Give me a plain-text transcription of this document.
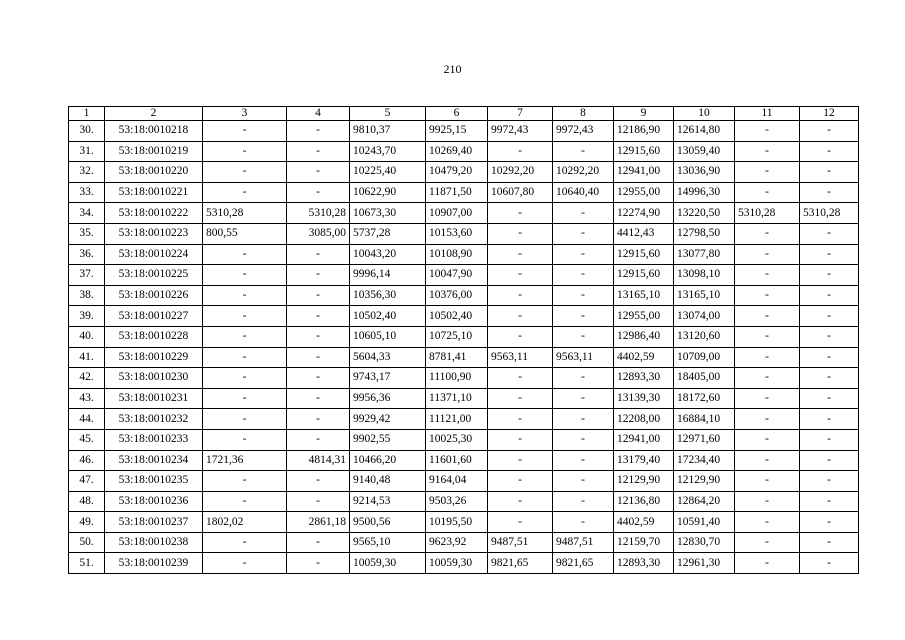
210
1	2	3	4	5	6	7	8	9	10	11	12
30.	53:18:0010218	-	-	9810,37	9925,15	9972,43	9972,43	12186,90	12614,80	-	-
31.	53:18:0010219	-	-	10243,70	10269,40	-	-	12915,60	13059,40	-	-
32.	53:18:0010220	-	-	10225,40	10479,20	10292,20	10292,20	12941,00	13036,90	-	-
33.	53:18:0010221	-	-	10622,90	11871,50	10607,80	10640,40	12955,00	14996,30	-	-
34.	53:18:0010222	5310,28	5310,28	10673,30	10907,00	-	-	12274,90	13220,50	5310,28	5310,28
35.	53:18:0010223	800,55	3085,00	5737,28	10153,60	-	-	4412,43	12798,50	-	-
36.	53:18:0010224	-	-	10043,20	10108,90	-	-	12915,60	13077,80	-	-
37.	53:18:0010225	-	-	9996,14	10047,90	-	-	12915,60	13098,10	-	-
38.	53:18:0010226	-	-	10356,30	10376,00	-	-	13165,10	13165,10	-	-
39.	53:18:0010227	-	-	10502,40	10502,40	-	-	12955,00	13074,00	-	-
40.	53:18:0010228	-	-	10605,10	10725,10	-	-	12986,40	13120,60	-	-
41.	53:18:0010229	-	-	5604,33	8781,41	9563,11	9563,11	4402,59	10709,00	-	-
42.	53:18:0010230	-	-	9743,17	11100,90	-	-	12893,30	18405,00	-	-
43.	53:18:0010231	-	-	9956,36	11371,10	-	-	13139,30	18172,60	-	-
44.	53:18:0010232	-	-	9929,42	11121,00	-	-	12208,00	16884,10	-	-
45.	53:18:0010233	-	-	9902,55	10025,30	-	-	12941,00	12971,60	-	-
46.	53:18:0010234	1721,36	4814,31	10466,20	11601,60	-	-	13179,40	17234,40	-	-
47.	53:18:0010235	-	-	9140,48	9164,04	-	-	12129,90	12129,90	-	-
48.	53:18:0010236	-	-	9214,53	9503,26	-	-	12136,80	12864,20	-	-
49.	53:18:0010237	1802,02	2861,18	9500,56	10195,50	-	-	4402,59	10591,40	-	-
50.	53:18:0010238	-	-	9565,10	9623,92	9487,51	9487,51	12159,70	12830,70	-	-
51.	53:18:0010239	-	-	10059,30	10059,30	9821,65	9821,65	12893,30	12961,30	-	-
